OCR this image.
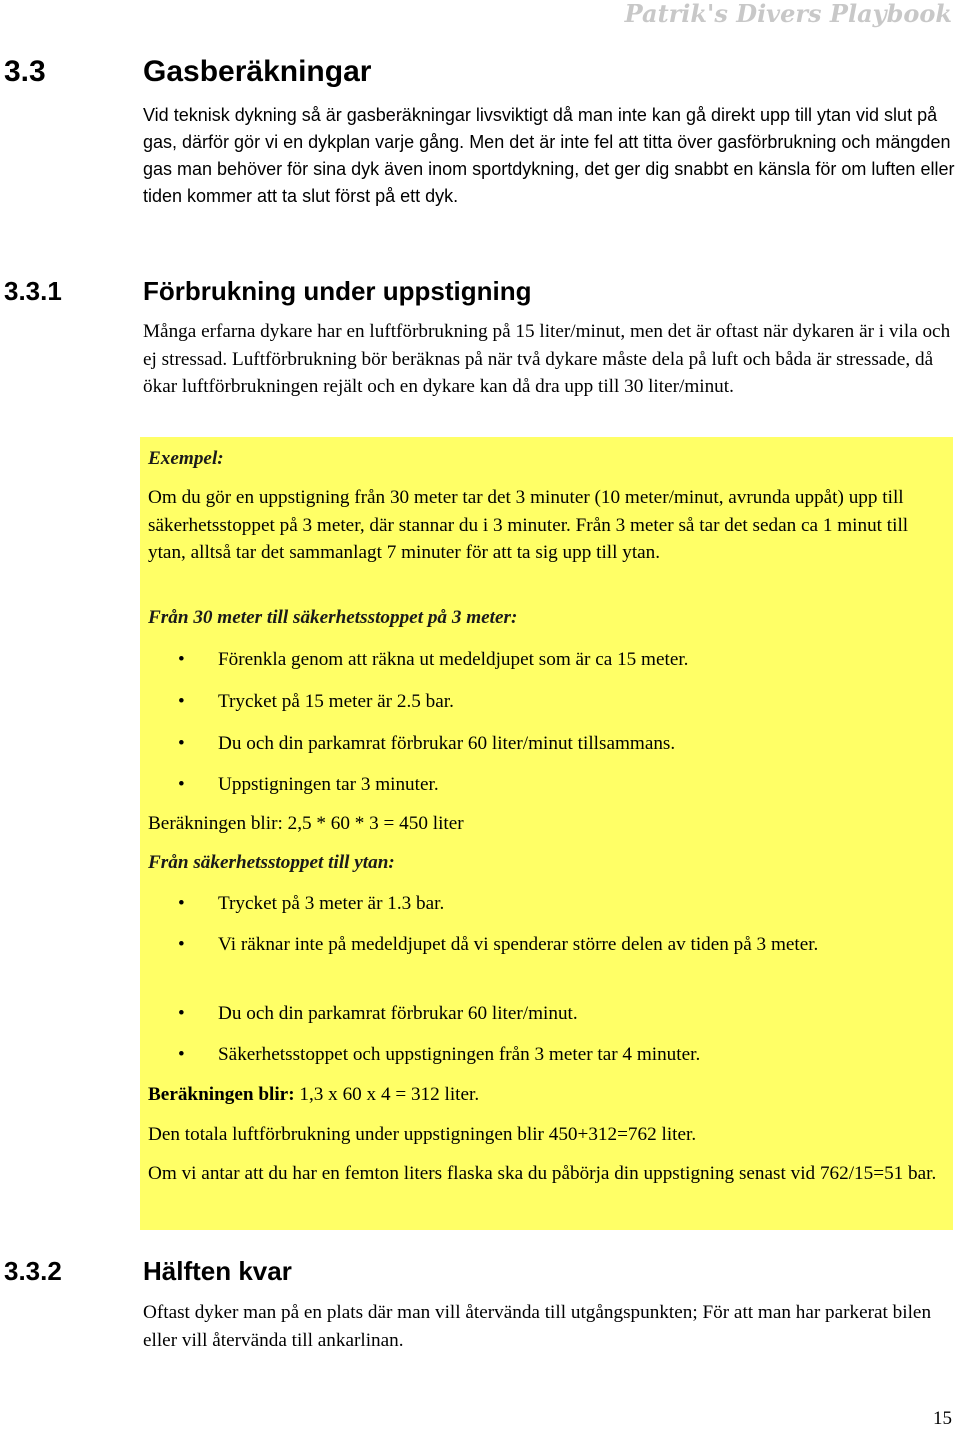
Patrik's Divers Playbook
3.3	Gasberäkningar

Vid teknisk dykning så är gasberäkningar livsviktigt då man inte kan gå direkt upp till ytan vid slut på gas, därför gör vi en dykplan varje gång. Men det är inte fel att titta över gasförbrukning och mängden gas man behöver för sina dyk även inom sportdykning, det ger dig snabbt en känsla för om luften eller tiden kommer att ta slut först på ett dyk.

3.3.1	Förbrukning under uppstigning

Många erfarna dykare har en luftförbrukning på 15 liter/minut, men det är oftast när dykaren är i vila och ej stressad. Luftförbrukning bör beräknas på när två dykare måste dela på luft och båda är stressade, då ökar luftförbrukningen rejält och en dykare kan då dra upp till 30 liter/minut.

Exempel:

Om du gör en uppstigning från 30 meter tar det 3 minuter (10 meter/minut, avrunda uppåt) upp till säkerhetsstoppet på 3 meter, där stannar du i 3 minuter. Från 3 meter så tar det sedan ca 1 minut till ytan, alltså tar det sammanlagt 7 minuter för att ta sig upp till ytan.

Från 30 meter till säkerhetsstoppet på 3 meter:

• Förenkla genom att räkna ut medeldjupet som är ca 15 meter.
• Trycket på 15 meter är 2.5 bar.
• Du och din parkamrat förbrukar 60 liter/minut tillsammans.
• Uppstigningen tar 3 minuter.

Beräkningen blir: 2,5 * 60 * 3 = 450 liter

Från säkerhetsstoppet till ytan:

• Trycket på 3 meter är 1.3 bar.
• Vi räknar inte på medeldjupet då vi spenderar större delen av tiden på 3 meter.
• Du och din parkamrat förbrukar 60 liter/minut.
• Säkerhetsstoppet och uppstigningen från 3 meter tar 4 minuter.

Beräkningen blir: 1,3 x 60 x 4 = 312 liter.

Den totala luftförbrukning under uppstigningen blir 450+312=762 liter.

Om vi antar att du har en femton liters flaska ska du påbörja din uppstigning senast vid 762/15=51 bar.

3.3.2	Hälften kvar

Oftast dyker man på en plats där man vill återvända till utgångspunkten; För att man har parkerat bilen eller vill återvända till ankarlinan.

15
